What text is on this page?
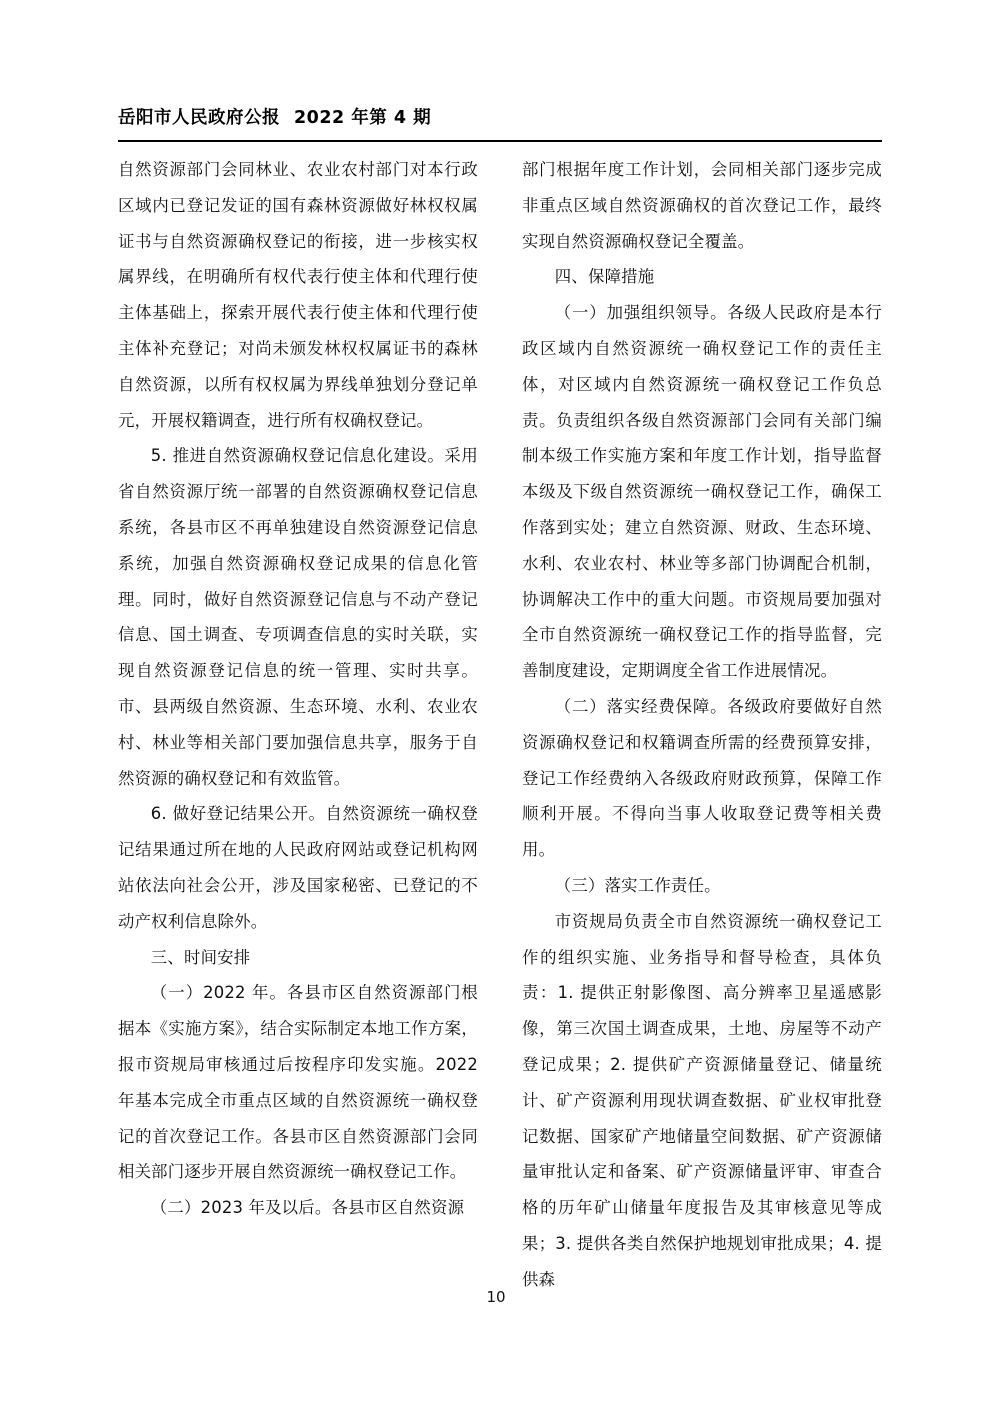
岳阳市人民政府公报 2022 年第 4 期

自然资源部门会同林业、农业农村部门对本行政区域内已登记发证的国有森林资源做好林权权属证书与自然资源确权登记的衔接，进一步核实权属界线，在明确所有权代表行使主体和代理行使主体基础上，探索开展代表行使主体和代理行使主体补充登记；对尚未颁发林权权属证书的森林自然资源，以所有权权属为界线单独划分登记单元，开展权籍调查，进行所有权确权登记。

5. 推进自然资源确权登记信息化建设。采用省自然资源厅统一部署的自然资源确权登记信息系统，各县市区不再单独建设自然资源登记信息系统，加强自然资源确权登记成果的信息化管理。同时，做好自然资源登记信息与不动产登记信息、国土调查、专项调查信息的实时关联，实现自然资源登记信息的统一管理、实时共享。市、县两级自然资源、生态环境、水利、农业农村、林业等相关部门要加强信息共享，服务于自然资源的确权登记和有效监管。

6. 做好登记结果公开。自然资源统一确权登记结果通过所在地的人民政府网站或登记机构网站依法向社会公开，涉及国家秘密、已登记的不动产权利信息除外。

三、时间安排

（一）2022 年。各县市区自然资源部门根据本《实施方案》，结合实际制定本地工作方案，报市资规局审核通过后按程序印发实施。2022 年基本完成全市重点区域的自然资源统一确权登记的首次登记工作。各县市区自然资源部门会同相关部门逐步开展自然资源统一确权登记工作。

（二）2023 年及以后。各县市区自然资源

部门根据年度工作计划，会同相关部门逐步完成非重点区域自然资源确权的首次登记工作，最终实现自然资源确权登记全覆盖。

四、保障措施

（一）加强组织领导。各级人民政府是本行政区域内自然资源统一确权登记工作的责任主体，对区域内自然资源统一确权登记工作负总责。负责组织各级自然资源部门会同有关部门编制本级工作实施方案和年度工作计划，指导监督本级及下级自然资源统一确权登记工作，确保工作落到实处；建立自然资源、财政、生态环境、水利、农业农村、林业等多部门协调配合机制，协调解决工作中的重大问题。市资规局要加强对全市自然资源统一确权登记工作的指导监督，完善制度建设，定期调度全省工作进展情况。

（二）落实经费保障。各级政府要做好自然资源确权登记和权籍调查所需的经费预算安排，登记工作经费纳入各级政府财政预算，保障工作顺利开展。不得向当事人收取登记费等相关费用。

（三）落实工作责任。

市资规局负责全市自然资源统一确权登记工作的组织实施、业务指导和督导检查，具体负责：1. 提供正射影像图、高分辨率卫星遥感影像，第三次国土调查成果，土地、房屋等不动产登记成果；2. 提供矿产资源储量登记、储量统计、矿产资源利用现状调查数据、矿业权审批登记数据、国家矿产地储量空间数据、矿产资源储量审批认定和备案、矿产资源储量评审、审查合格的历年矿山储量年度报告及其审核意见等成果；3. 提供各类自然保护地规划审批成果；4. 提供森

10
